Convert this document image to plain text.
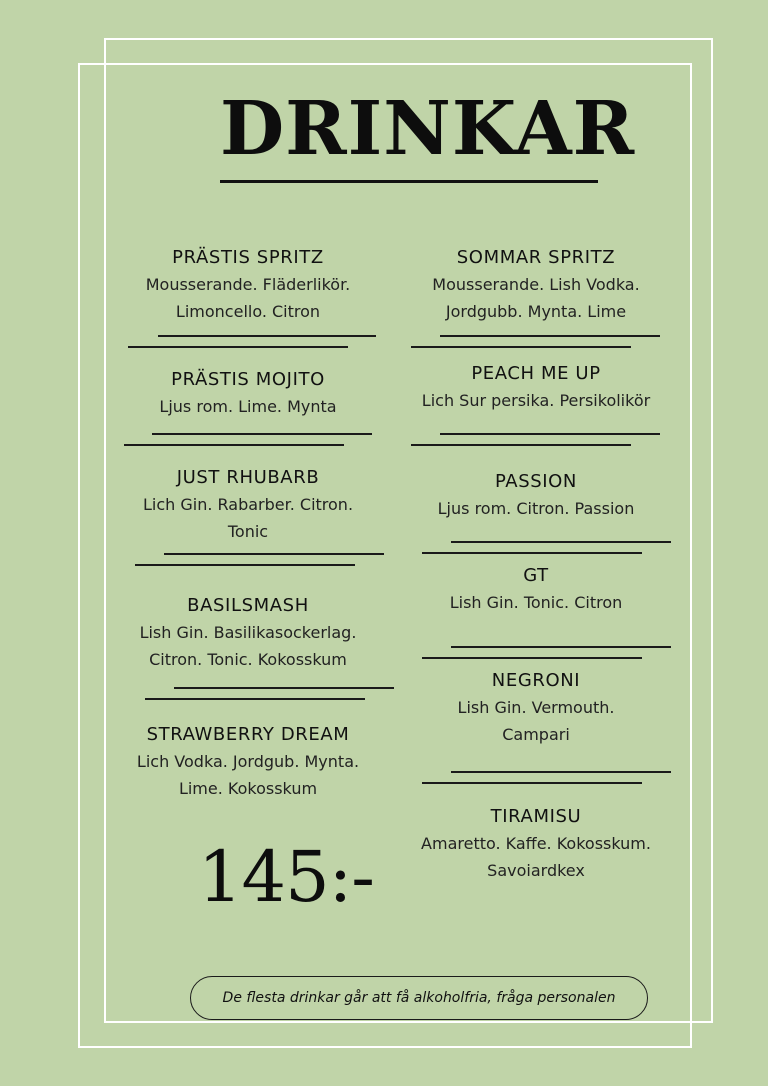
DRINKAR
PRÄSTIS SPRITZ
Mousserande. Fläderlikör.
Limoncello. Citron
PRÄSTIS MOJITO
Ljus rom. Lime. Mynta
JUST RHUBARB
Lich Gin. Rabarber. Citron.
Tonic
BASILSMASH
Lish Gin. Basilikasockerlag.
Citron. Tonic. Kokosskum
STRAWBERRY DREAM
Lich Vodka. Jordgub. Mynta.
Lime. Kokosskum
SOMMAR SPRITZ
Mousserande. Lish Vodka.
Jordgubb. Mynta. Lime
PEACH ME UP
Lich Sur persika. Persikolikör
PASSION
Ljus rom. Citron. Passion
GT
Lish Gin. Tonic. Citron
NEGRONI
Lish Gin. Vermouth.
Campari
TIRAMISU
Amaretto. Kaffe. Kokosskum.
Savoiardkex
145:-
De flesta drinkar går att få alkoholfria, fråga personalen
